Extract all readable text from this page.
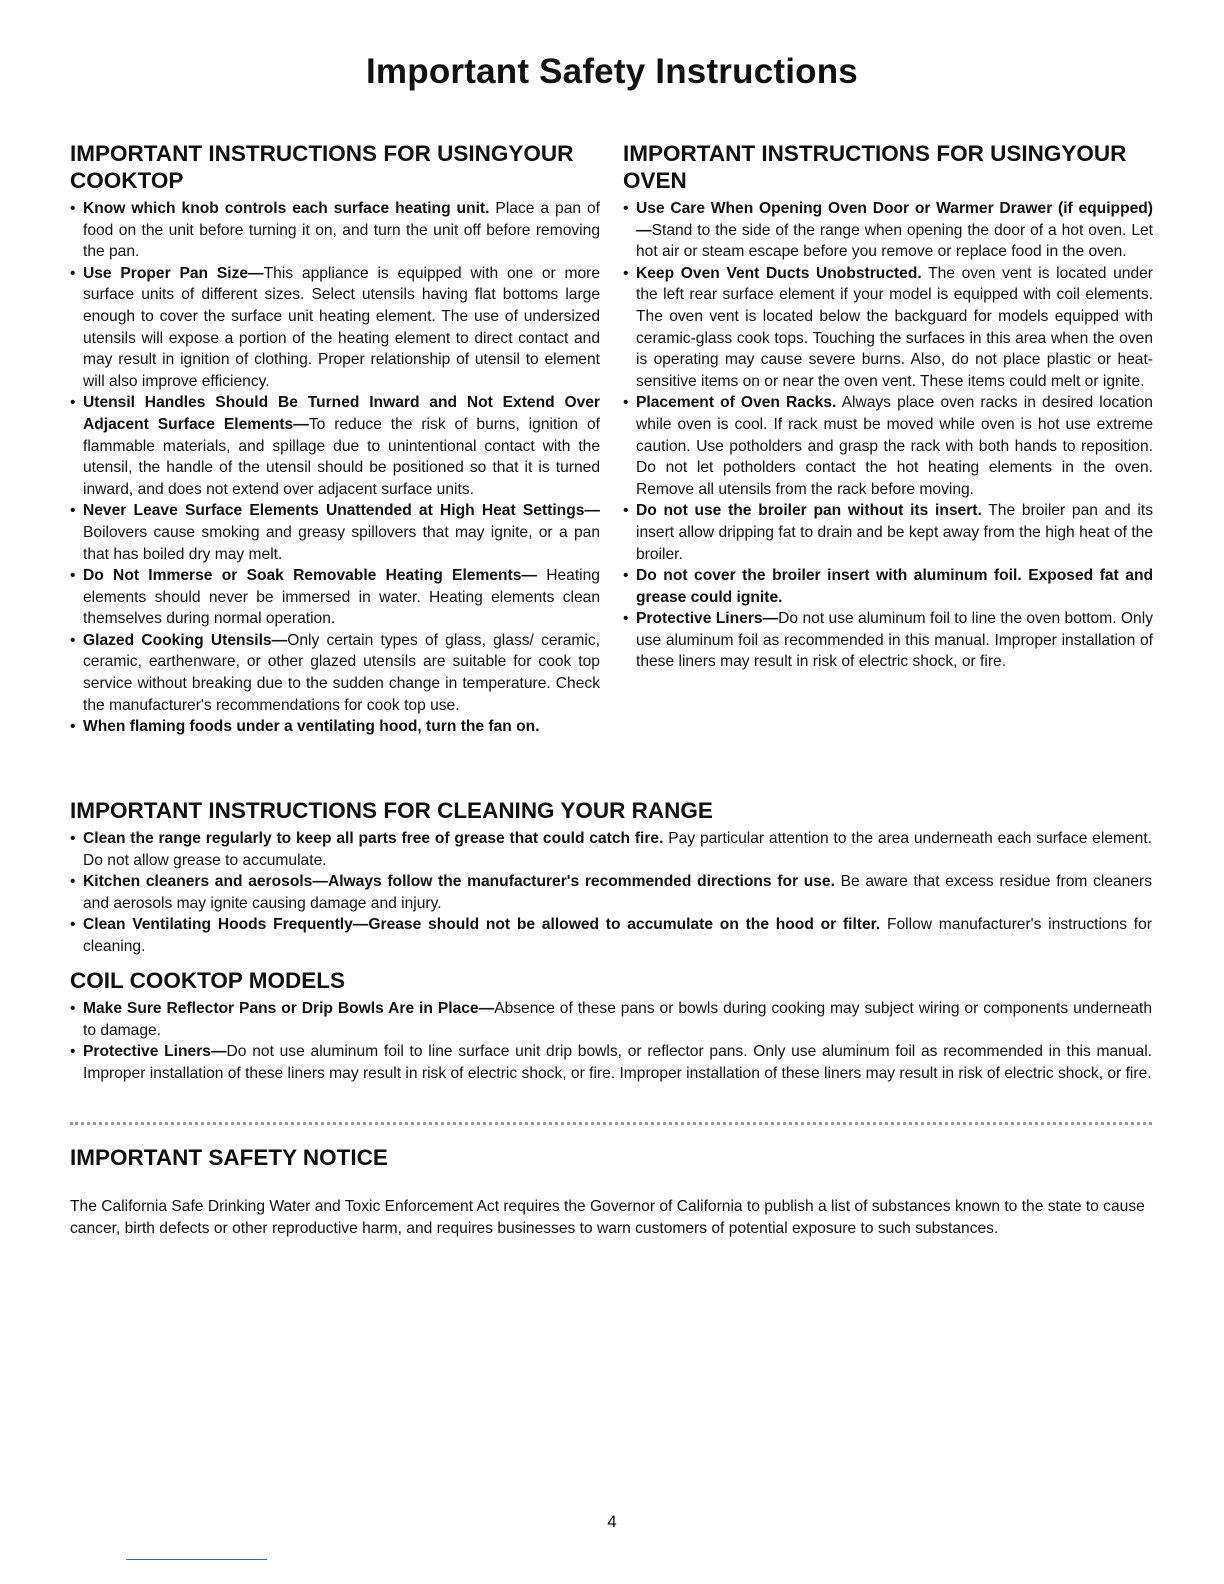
Important Safety Instructions
IMPORTANT INSTRUCTIONS FOR USINGYOUR COOKTOP
• Know which knob controls each surface heating unit. Place a pan of food on the unit before turning it on, and turn the unit off before removing the pan.
• Use Proper Pan Size—This appliance is equipped with one or more surface units of different sizes. Select utensils having flat bottoms large enough to cover the surface unit heating element. The use of undersized utensils will expose a portion of the heating element to direct contact and may result in ignition of clothing. Proper relationship of utensil to element will also improve efficiency.
• Utensil Handles Should Be Turned Inward and Not Extend Over Adjacent Surface Elements—To reduce the risk of burns, ignition of flammable materials, and spillage due to unintentional contact with the utensil, the handle of the utensil should be positioned so that it is turned inward, and does not extend over adjacent surface units.
• Never Leave Surface Elements Unattended at High Heat Settings—Boilovers cause smoking and greasy spillovers that may ignite, or a pan that has boiled dry may melt.
• Do Not Immerse or Soak Removable Heating Elements— Heating elements should never be immersed in water. Heating elements clean themselves during normal operation.
• Glazed Cooking Utensils—Only certain types of glass, glass/ ceramic, ceramic, earthenware, or other glazed utensils are suitable for cook top service without breaking due to the sudden change in temperature. Check the manufacturer's recommendations for cook top use.
• When flaming foods under a ventilating hood, turn the fan on.
IMPORTANT INSTRUCTIONS FOR USINGYOUR OVEN
• Use Care When Opening Oven Door or Warmer Drawer (if equipped)—Stand to the side of the range when opening the door of a hot oven. Let hot air or steam escape before you remove or replace food in the oven.
• Keep Oven Vent Ducts Unobstructed. The oven vent is located under the left rear surface element if your model is equipped with coil elements. The oven vent is located below the backguard for models equipped with ceramic-glass cook tops. Touching the surfaces in this area when the oven is operating may cause severe burns. Also, do not place plastic or heat-sensitive items on or near the oven vent. These items could melt or ignite.
• Placement of Oven Racks. Always place oven racks in desired location while oven is cool. If rack must be moved while oven is hot use extreme caution. Use potholders and grasp the rack with both hands to reposition. Do not let potholders contact the hot heating elements in the oven. Remove all utensils from the rack before moving.
• Do not use the broiler pan without its insert. The broiler pan and its insert allow dripping fat to drain and be kept away from the high heat of the broiler.
• Do not cover the broiler insert with aluminum foil. Exposed fat and grease could ignite.
• Protective Liners—Do not use aluminum foil to line the oven bottom. Only use aluminum foil as recommended in this manual. Improper installation of these liners may result in risk of electric shock, or fire.
IMPORTANT INSTRUCTIONS FOR CLEANING YOUR RANGE
• Clean the range regularly to keep all parts free of grease that could catch fire. Pay particular attention to the area underneath each surface element. Do not allow grease to accumulate.
• Kitchen cleaners and aerosols—Always follow the manufacturer's recommended directions for use. Be aware that excess residue from cleaners and aerosols may ignite causing damage and injury.
• Clean Ventilating Hoods Frequently—Grease should not be allowed to accumulate on the hood or filter. Follow manufacturer's instructions for cleaning.
COIL COOKTOP MODELS
• Make Sure Reflector Pans or Drip Bowls Are in Place—Absence of these pans or bowls during cooking may subject wiring or components underneath to damage.
• Protective Liners—Do not use aluminum foil to line surface unit drip bowls, or reflector pans. Only use aluminum foil as recommended in this manual. Improper installation of these liners may result in risk of electric shock, or fire. Improper installation of these liners may result in risk of electric shock, or fire.
IMPORTANT SAFETY NOTICE

The California Safe Drinking Water and Toxic Enforcement Act requires the Governor of California to publish a list of substances known to the state to cause cancer, birth defects or other reproductive harm, and requires businesses to warn customers of potential exposure to such substances.

4
